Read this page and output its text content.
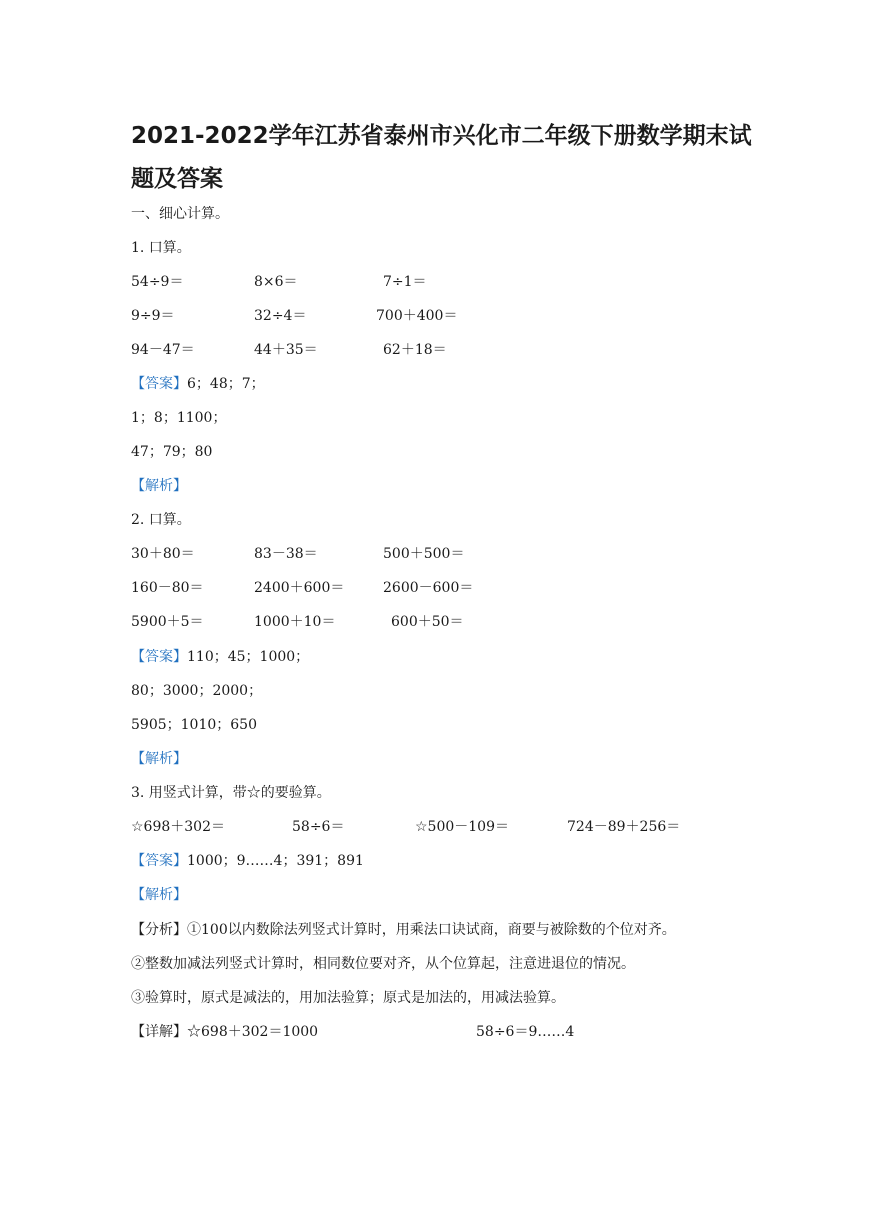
2021-2022学年江苏省泰州市兴化市二年级下册数学期末试
题及答案
一、细心计算。
1. 口算。
54÷9＝	8×6＝	7÷1＝
9÷9＝	32÷4＝	700＋400＝
94－47＝	44＋35＝	62＋18＝
【答案】6；48；7；
1；8；1100；
47；79；80
【解析】
2. 口算。
30＋80＝	83－38＝	500＋500＝
160－80＝	2400＋600＝	2600－600＝
5900＋5＝	1000＋10＝	600＋50＝
【答案】110；45；1000；
80；3000；2000；
5905；1010；650
【解析】
3. 用竖式计算，带☆的要验算。
☆698＋302＝	58÷6＝	☆500－109＝	724－89＋256＝
【答案】1000；9……4；391；891
【解析】
【分析】①100以内数除法列竖式计算时，用乘法口诀试商，商要与被除数的个位对齐。
②整数加减法列竖式计算时，相同数位要对齐，从个位算起，注意进退位的情况。
③验算时，原式是减法的，用加法验算；原式是加法的，用减法验算。
【详解】☆698＋302＝1000	58÷6＝9……4
